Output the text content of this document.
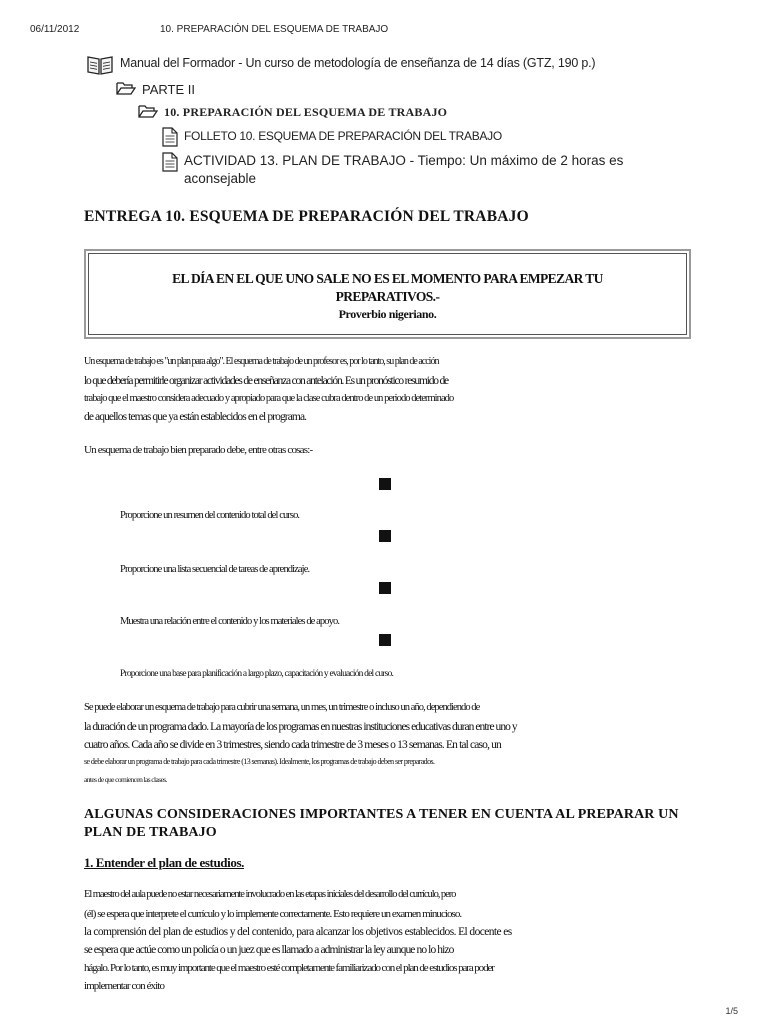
06/11/2012	10. PREPARACIÓN DEL ESQUEMA DE TRABAJO
Manual del Formador - Un curso de metodología de enseñanza de 14 días (GTZ, 190 p.)
PARTE II
10. PREPARACIÓN DEL ESQUEMA DE TRABAJO
FOLLETO 10. ESQUEMA DE PREPARACIÓN DEL TRABAJO
ACTIVIDAD 13. PLAN DE TRABAJO - Tiempo: Un máximo de 2 horas es
aconsejable
ENTREGA 10. ESQUEMA DE PREPARACIÓN DEL TRABAJO
EL DÍA EN EL QUE UNO SALE NO ES EL MOMENTO PARA EMPEZAR TU
PREPARATIVOS.-
Proverbio nigeriano.
Un esquema de trabajo es "un plan para algo". El esquema de trabajo de un profesor es, por lo tanto, su plan de acción
lo que debería permitirle organizar actividades de enseñanza con antelación. Es un pronóstico resumido de
trabajo que el maestro considera adecuado y apropiado para que la clase cubra dentro de un periodo determinado
de aquellos temas que ya están establecidos en el programa.
Un esquema de trabajo bien preparado debe, entre otras cosas:-
Proporcione un resumen del contenido total del curso.
Proporcione una lista secuencial de tareas de aprendizaje.
Muestra una relación entre el contenido y los materiales de apoyo.
Proporcione una base para planificación a largo plazo, capacitación y evaluación del curso.
Se puede elaborar un esquema de trabajo para cubrir una semana, un mes, un trimestre o incluso un año, dependiendo de
la duración de un programa dado. La mayoría de los programas en nuestras instituciones educativas duran entre uno y
cuatro años. Cada año se divide en 3 trimestres, siendo cada trimestre de 3 meses o 13 semanas. En tal caso, un
se debe elaborar un programa de trabajo para cada trimestre (13 semanas). Idealmente, los programas de trabajo deben ser preparados.
antes de que comiencen las clases.
ALGUNAS CONSIDERACIONES IMPORTANTES A TENER EN CUENTA AL PREPARAR UN
PLAN DE TRABAJO
1. Entender el plan de estudios.
El maestro del aula puede no estar necesariamente involucrado en las etapas iniciales del desarrollo del currículo, pero
(él) se espera que interprete el currículo y lo implemente correctamente. Esto requiere un examen minucioso.
la comprensión del plan de estudios y del contenido, para alcanzar los objetivos establecidos. El docente es
se espera que actúe como un policía o un juez que es llamado a administrar la ley aunque no lo hizo
hágalo. Por lo tanto, es muy importante que el maestro esté completamente familiarizado con el plan de estudios para poder
implementar con éxito
1/5
